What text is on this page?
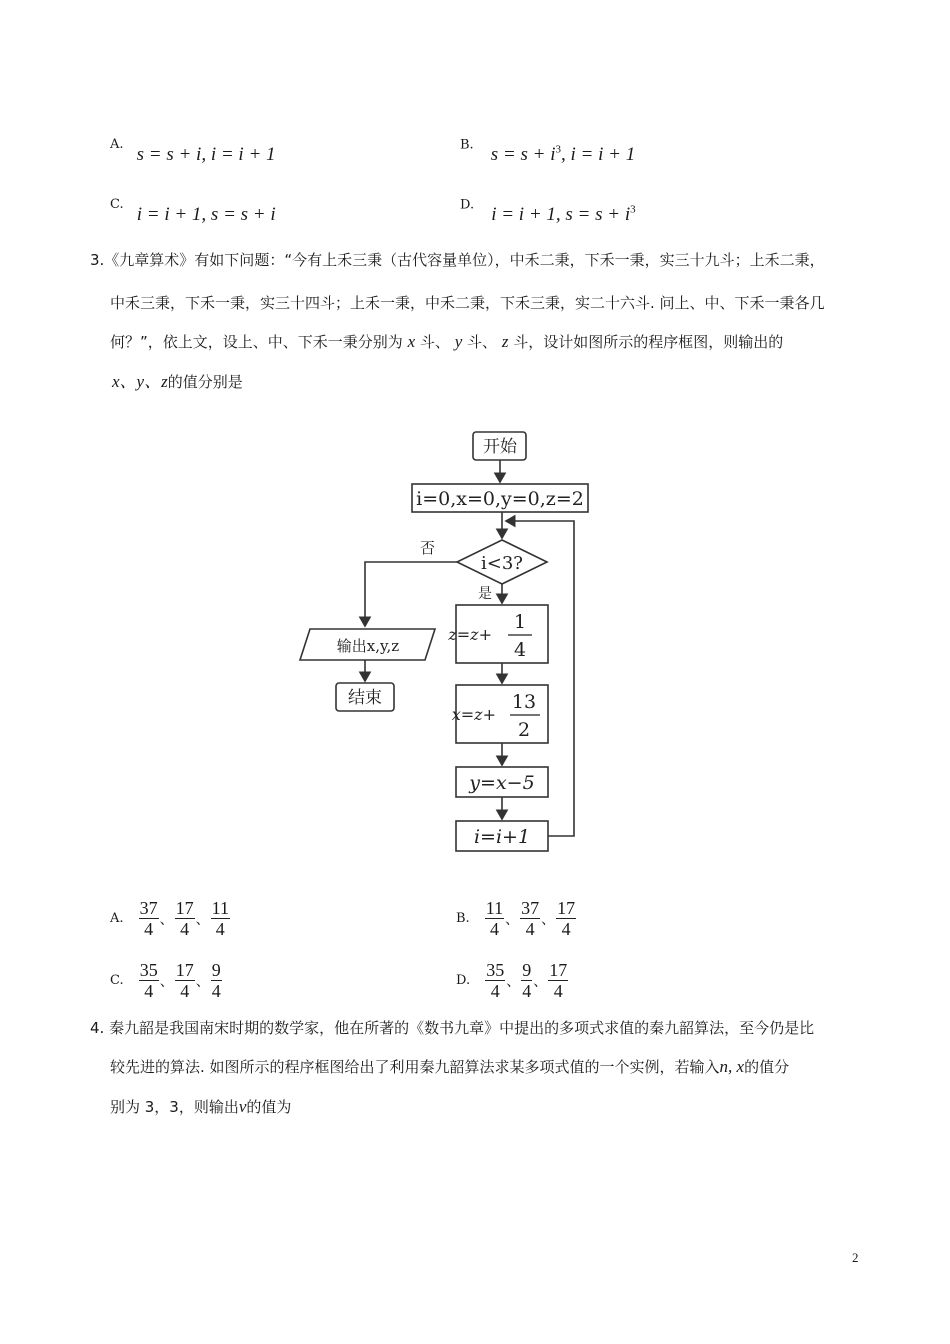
A. s = s + i, i = i + 1	B. $s = s + i^3$, i = i + 1
C. i = i + 1, s = s + i	D. i = i + 1, $s = s + i^3$
3.《九章算术》有如下问题：“今有上禾三秉（古代容量单位），中禾二秉，下禾一秉，实三十九斗；上禾二秉，
中禾三秉，下禾一秉，实三十四斗；上禾一秉，中禾二秉，下禾三秉，实二十六斗. 问上、中、下禾一秉各几
何？”，依上文，设上、中、下禾一秉分别为 x 斗、 y 斗、 z 斗，设计如图所示的程序框图，则输出的
x、y、z的值分别是
开始
i=0,x=0,y=0,z=2
i<3?
否
是
z=z+
1
4
x=z+
13
2
y=x−5
i=i+1
输出x,y,z
结束
A. $\frac{37}{4}$ 、 $\frac{17}{4}$ 、 $\frac{11}{4}$	B. $\frac{11}{4}$ 、 $\frac{37}{4}$ 、 $\frac{17}{4}$
C. $\frac{35}{4}$ 、 $\frac{17}{4}$ 、 $\frac{9}{4}$	D. $\frac{35}{4}$ 、 $\frac{9}{4}$ 、 $\frac{17}{4}$
4. 秦九韶是我国南宋时期的数学家，他在所著的《数书九章》中提出的多项式求值的秦九韶算法，至今仍是比
较先进的算法. 如图所示的程序框图给出了利用秦九韶算法求某多项式值的一个实例，若输入n, x的值分
别为 3，3，则输出v的值为
2
